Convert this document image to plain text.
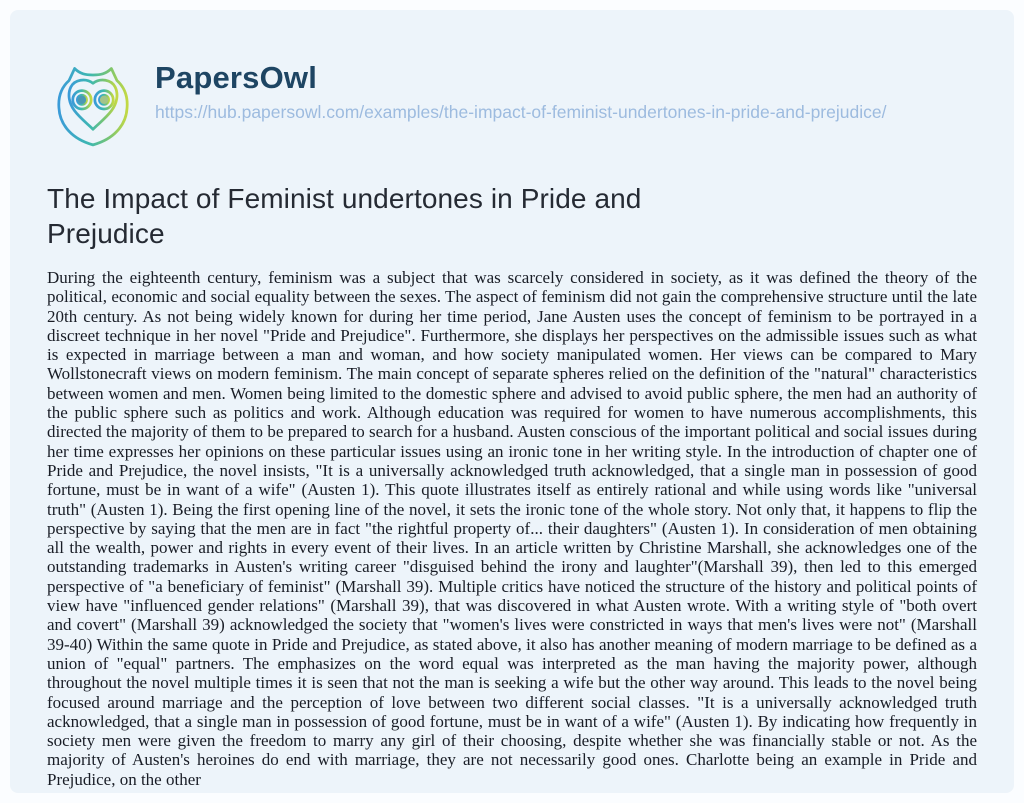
PapersOwl
https://hub.papersowl.com/examples/the-impact-of-feminist-undertones-in-pride-and-prejudice/
The Impact of Feminist undertones in Pride and Prejudice

During the eighteenth century, feminism was a subject that was scarcely considered in society, as it was defined the theory of the political, economic and social equality between the sexes. The aspect of feminism did not gain the comprehensive structure until the late 20th century. As not being widely known for during her time period, Jane Austen uses the concept of feminism to be portrayed in a discreet technique in her novel "Pride and Prejudice". Furthermore, she displays her perspectives on the admissible issues such as what is expected in marriage between a man and woman, and how society manipulated women. Her views can be compared to Mary Wollstonecraft views on modern feminism. The main concept of separate spheres relied on the definition of the "natural" characteristics between women and men. Women being limited to the domestic sphere and advised to avoid public sphere, the men had an authority of the public sphere such as politics and work. Although education was required for women to have numerous accomplishments, this directed the majority of them to be prepared to search for a husband. Austen conscious of the important political and social issues during her time expresses her opinions on these particular issues using an ironic tone in her writing style. In the introduction of chapter one of Pride and Prejudice, the novel insists, "It is a universally acknowledged truth acknowledged, that a single man in possession of good fortune, must be in want of a wife" (Austen 1). This quote illustrates itself as entirely rational and while using words like "universal truth" (Austen 1). Being the first opening line of the novel, it sets the ironic tone of the whole story. Not only that, it happens to flip the perspective by saying that the men are in fact "the rightful property of... their daughters" (Austen 1). In consideration of men obtaining all the wealth, power and rights in every event of their lives. In an article written by Christine Marshall, she acknowledges one of the outstanding trademarks in Austen's writing career "disguised behind the irony and laughter"(Marshall 39), then led to this emerged perspective of "a beneficiary of feminist" (Marshall 39). Multiple critics have noticed the structure of the history and political points of view have "influenced gender relations" (Marshall 39), that was discovered in what Austen wrote. With a writing style of "both overt and covert" (Marshall 39) acknowledged the society that "women's lives were constricted in ways that men's lives were not" (Marshall 39-40) Within the same quote in Pride and Prejudice, as stated above, it also has another meaning of modern marriage to be defined as a union of "equal" partners. The emphasizes on the word equal was interpreted as the man having the majority power, although throughout the novel multiple times it is seen that not the man is seeking a wife but the other way around. This leads to the novel being focused around marriage and the perception of love between two different social classes. "It is a universally acknowledged truth acknowledged, that a single man in possession of good fortune, must be in want of a wife" (Austen 1). By indicating how frequently in society men were given the freedom to marry any girl of their choosing, despite whether she was financially stable or not. As the majority of Austen's heroines do end with marriage, they are not necessarily good ones. Charlotte being an example in Pride and Prejudice, on the other
